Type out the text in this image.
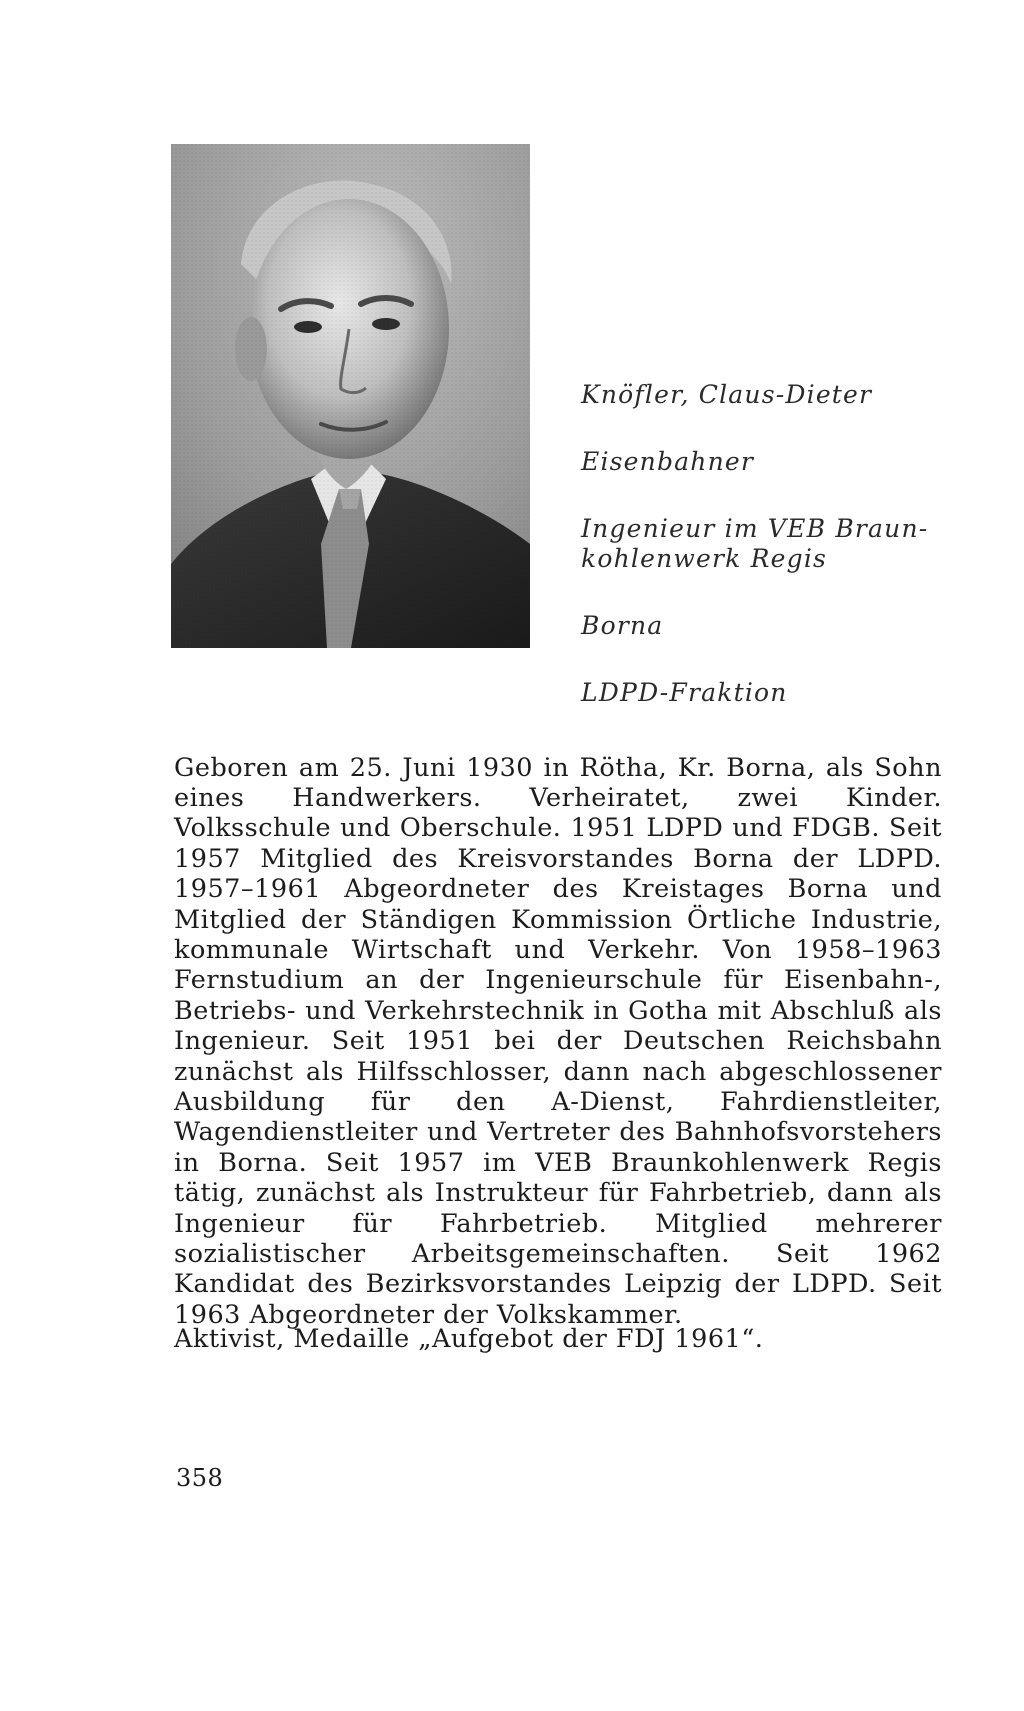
Knöfler, Claus-Dieter
Eisenbahner
Ingenieur im VEB Braun-
kohlenwerk Regis
Borna
LDPD-Fraktion

Geboren am 25. Juni 1930 in Rötha, Kr. Borna, als Sohn eines Handwerkers. Verheiratet, zwei Kinder. Volksschule und Oberschule. 1951 LDPD und FDGB. Seit 1957 Mitglied des Kreisvorstandes Borna der LDPD. 1957–1961 Abgeordneter des Kreistages Borna und Mitglied der Ständigen Kommission Örtliche Industrie, kommunale Wirtschaft und Verkehr. Von 1958–1963 Fernstudium an der Ingenieurschule für Eisenbahn-, Betriebs- und Verkehrstechnik in Gotha mit Abschluß als Ingenieur. Seit 1951 bei der Deutschen Reichsbahn zunächst als Hilfsschlosser, dann nach abgeschlossener Ausbildung für den A-Dienst, Fahrdienstleiter, Wagendienstleiter und Vertreter des Bahnhofsvorstehers in Borna. Seit 1957 im VEB Braunkohlenwerk Regis tätig, zunächst als Instrukteur für Fahrbetrieb, dann als Ingenieur für Fahrbetrieb. Mitglied mehrerer sozialistischer Arbeitsgemeinschaften. Seit 1962 Kandidat des Bezirksvorstandes Leipzig der LDPD. Seit 1963 Abgeordneter der Volkskammer.

Aktivist, Medaille „Aufgebot der FDJ 1961“.

358
